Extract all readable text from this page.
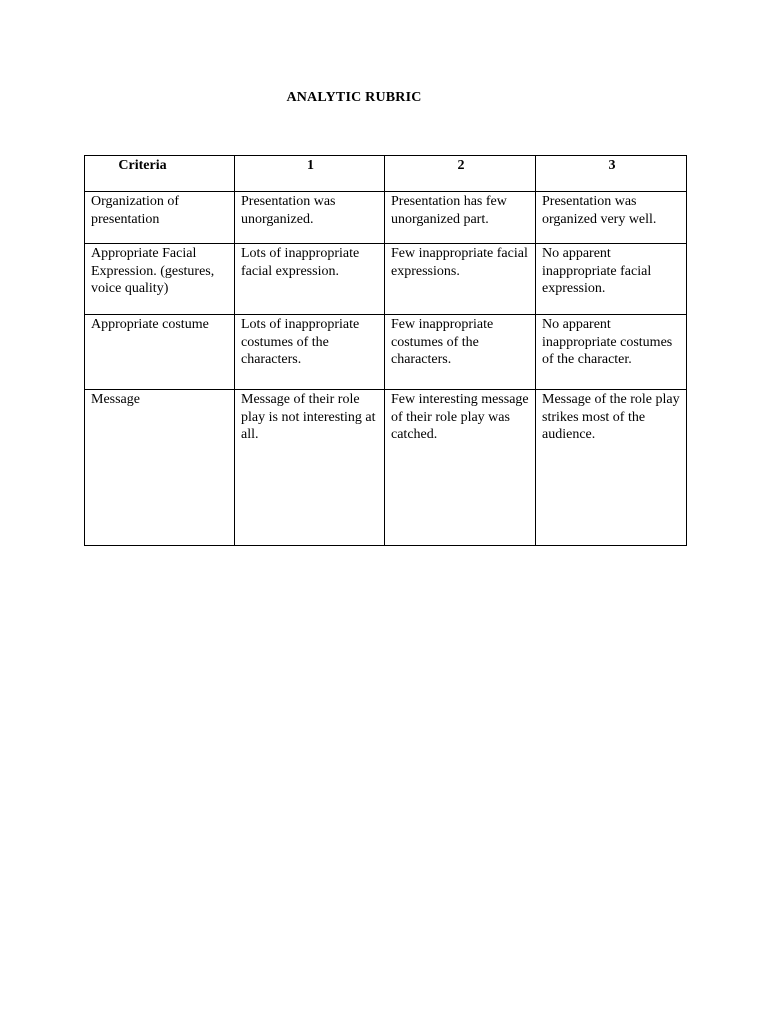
ANALYTIC RUBRIC
Criteria	1	2	3
Organization of presentation	Presentation was unorganized.	Presentation has few unorganized part.	Presentation was organized very well.
Appropriate Facial Expression. (gestures, voice quality)	Lots of inappropriate facial expression.	Few inappropriate facial expressions.	No apparent inappropriate facial expression.
Appropriate costume	Lots of inappropriate costumes of the characters.	Few inappropriate costumes of the characters.	No apparent inappropriate costumes of the character.
Message	Message of their role play is not interesting at all.	Few interesting message of their role play was catched.	Message of the role play strikes most of the audience.
